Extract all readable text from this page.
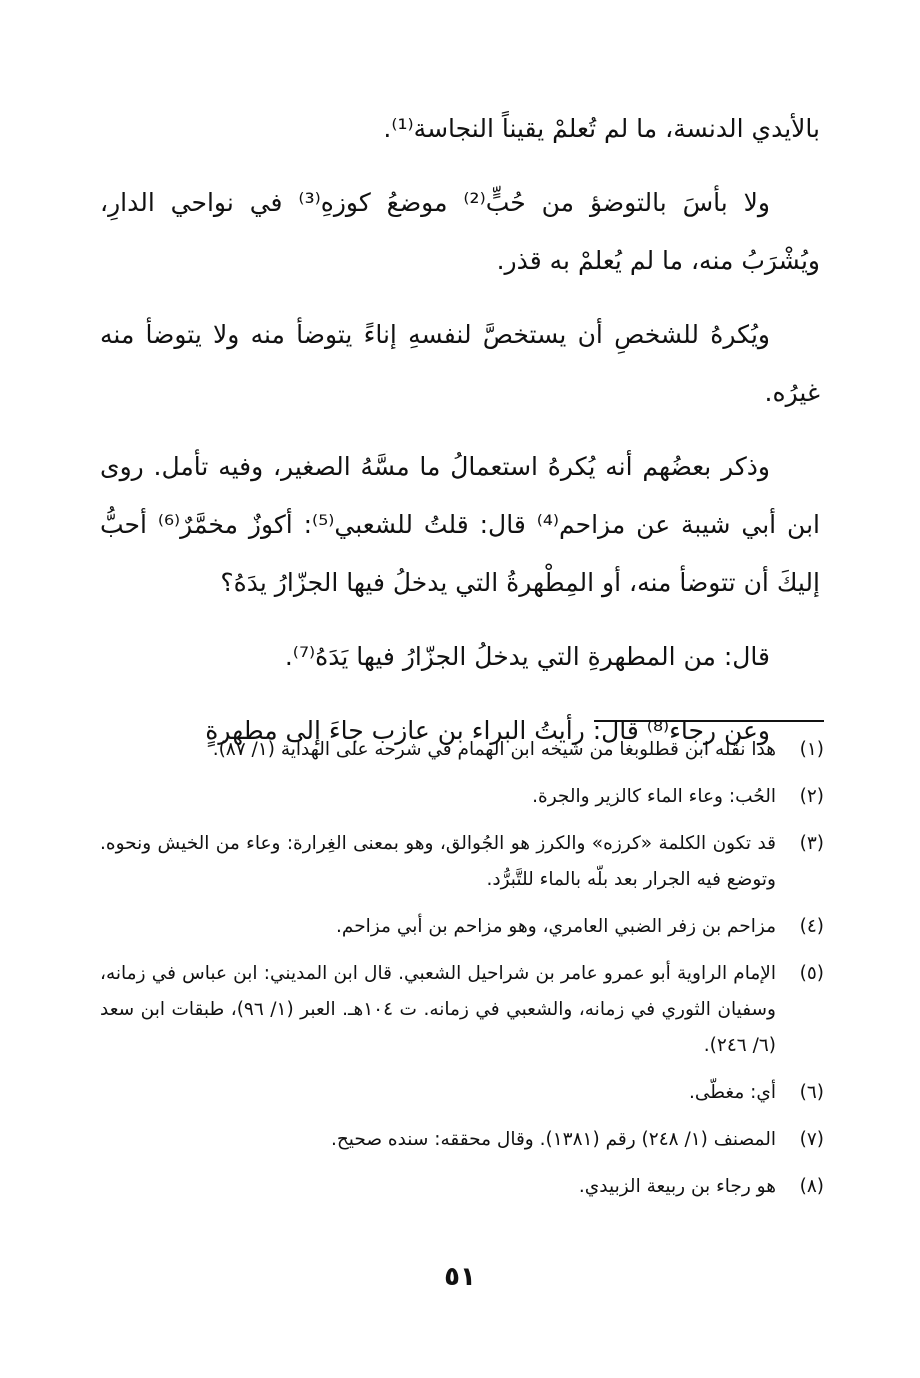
بالأيدي الدنسة، ما لم تُعلمْ يقيناً النجاسة⁽¹⁾.

ولا بأسَ بالتوضؤ من حُبٍّ⁽²⁾ موضعُ كوزهِ⁽³⁾ في نواحي الدارِ، ويُشْرَبُ منه، ما لم يُعلمْ به قذر.

ويُكرهُ للشخصِ أن يستخصَّ لنفسهِ إناءً يتوضأ منه ولا يتوضأ منه غيرُه.

وذكر بعضُهم أنه يُكرهُ استعمالُ ما مسَّهُ الصغير، وفيه تأمل. روى ابن أبي شيبة عن مزاحم⁽⁴⁾ قال: قلتُ للشعبي⁽⁵⁾: أكوزٌ مخمَّرٌ⁽⁶⁾ أحبُّ إليكَ أن تتوضأ منه، أو المِطْهرةُ التي يدخلُ فيها الجزّارُ يدَهُ؟

قال: من المطهرةِ التي يدخلُ الجزّارُ فيها يَدَهُ⁽⁷⁾.

وعن رجاء⁽⁸⁾ قال: رأيتُ البراء بن عازب جاءَ إلى مطهرةٍ

(١)
هذا نقله ابن قطلوبغا من شيخه ابن الهمام في شرحه على الهداية (١/ ٨٧).
(٢)
الحُب: وعاء الماء كالزير والجرة.
(٣)
قد تكون الكلمة «كرزه» والكرز هو الجُوالق، وهو بمعنى الغِرارة: وعاء من الخيش ونحوه. وتوضع فيه الجرار بعد بلّه بالماء للتَّبرُّد.
(٤)
مزاحم بن زفر الضبي العامري، وهو مزاحم بن أبي مزاحم.
(٥)
الإمام الراوية أبو عمرو عامر بن شراحيل الشعبي. قال ابن المديني: ابن عباس في زمانه، وسفيان الثوري في زمانه، والشعبي في زمانه. ت ١٠٤هـ. العبر (١/ ٩٦)، طبقات ابن سعد (٦/ ٢٤٦).
(٦)
أي: مغطّى.
(٧)
المصنف (١/ ٢٤٨) رقم (١٣٨١). وقال محققه: سنده صحيح.
(٨)
هو رجاء بن ربيعة الزبيدي.
٥١
